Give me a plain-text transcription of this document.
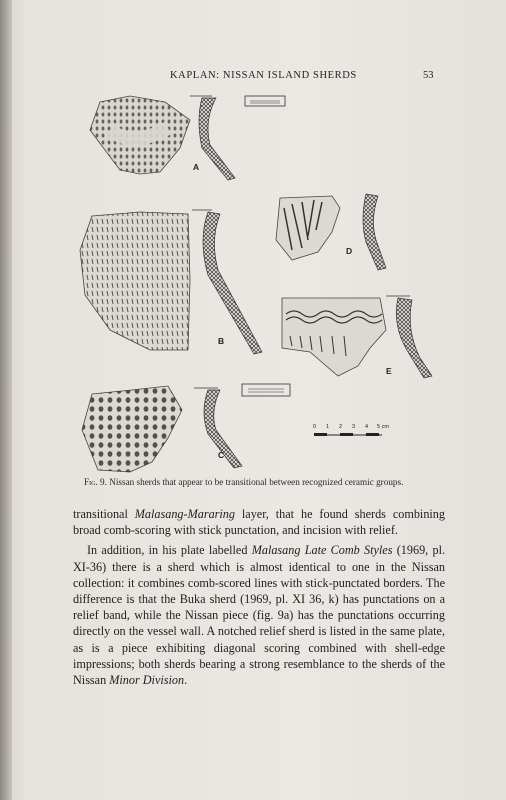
KAPLAN: NISSAN ISLAND SHERDS	53
A
B
C
D
E
0 1 2 3 4 5 cm
Fig. 9. Nissan sherds that appear to be transitional between recognized ceramic groups.

transitional Malasang-Mararing layer, that he found sherds combining broad comb-scoring with stick punctation, and incision with relief.

In addition, in his plate labelled Malasang Late Comb Styles (1969, pl. XI-36) there is a sherd which is almost identical to one in the Nissan collection: it combines comb-scored lines with stick-punctated borders. The difference is that the Buka sherd (1969, pl. XI 36, k) has punctations on a relief band, while the Nissan piece (fig. 9a) has the punctations occurring directly on the vessel wall. A notched relief sherd is listed in the same plate, as is a piece exhibiting diagonal scoring combined with shell-edge impressions; both sherds bearing a strong resemblance to the sherds of the Nissan Minor Division.
